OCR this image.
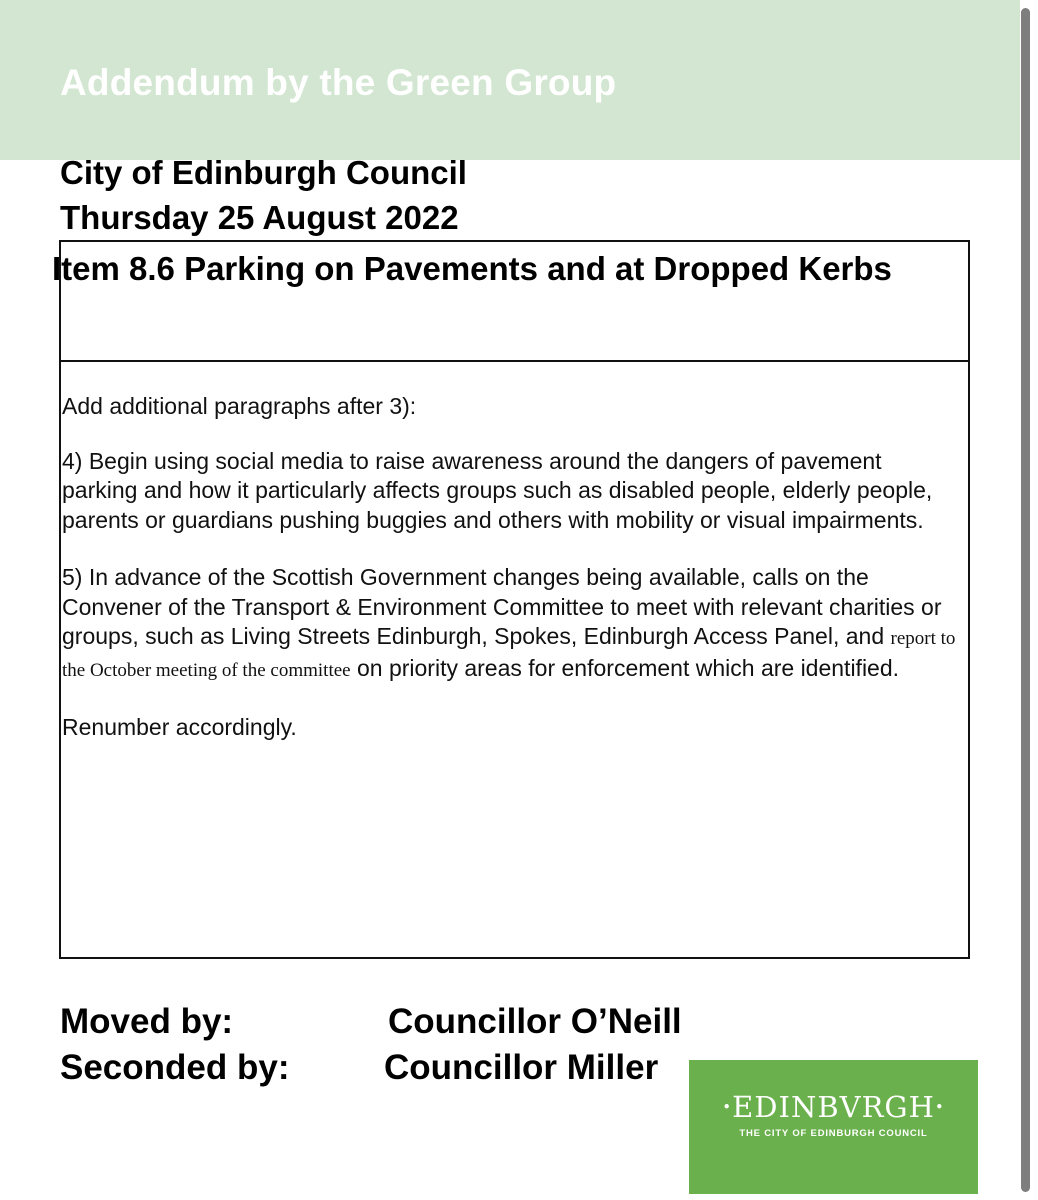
Addendum by the Green Group
City of Edinburgh Council
Thursday 25 August 2022
Item 8.6 Parking on Pavements and at Dropped Kerbs

Add additional paragraphs after 3):

4) Begin using social media to raise awareness around the dangers of pavement parking and how it particularly affects groups such as disabled people, elderly people, parents or guardians pushing buggies and others with mobility or visual impairments.

5) In advance of the Scottish Government changes being available, calls on the Convener of the Transport & Environment Committee to meet with relevant charities or groups, such as Living Streets Edinburgh, Spokes, Edinburgh Access Panel, and report to the October meeting of the committee on priority areas for enforcement which are identified.

Renumber accordingly.

Moved by:	Councillor O’Neill
Seconded by:	Councillor Miller
•EDINBVRGH•
THE CITY OF EDINBURGH COUNCIL
